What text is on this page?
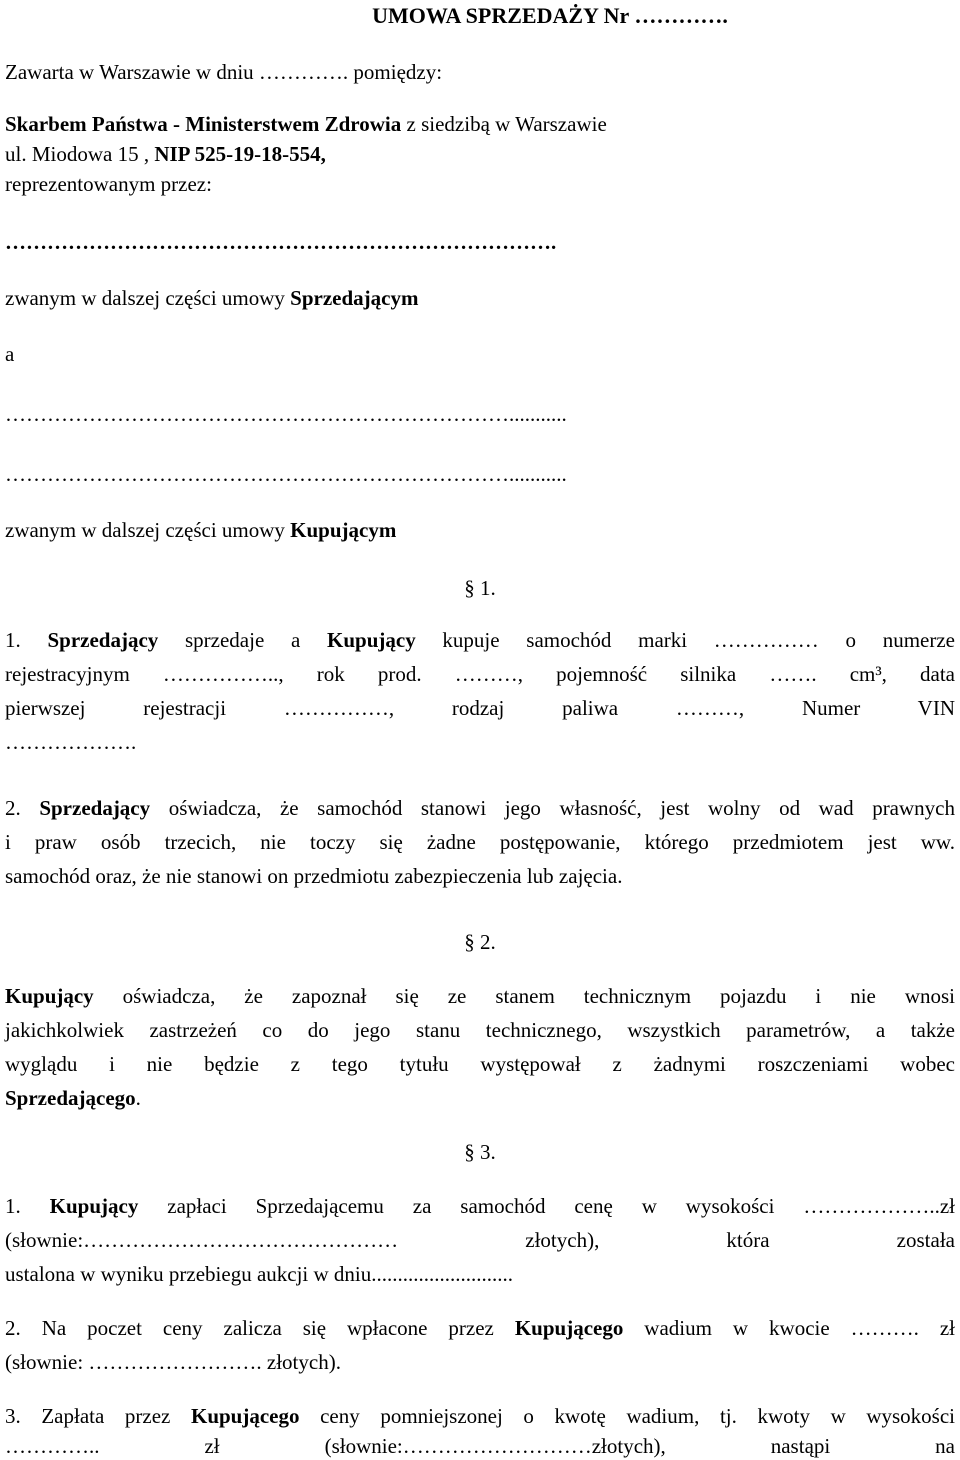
UMOWA SPRZEDAŻY Nr ………….
Zawarta w Warszawie w dniu …………. pomiędzy:
Skarbem Państwa - Ministerstwem Zdrowia z siedzibą w Warszawie
ul. Miodowa 15 , NIP 525-19-18-554,
reprezentowanym przez:
…………………………………………………………………….
zwanym w dalszej części umowy Sprzedającym
a
………………………………………………………………...........
………………………………………………………………...........
zwanym w dalszej części umowy Kupującym
§ 1.
1. Sprzedający sprzedaje a Kupujący kupuje samochód marki …………… o numerze
rejestracyjnym …………….., rok prod. ………, pojemność silnika ……. cm³, data
pierwszej rejestracji ……………, rodzaj paliwa ………, Numer VIN
……………….
2. Sprzedający oświadcza, że samochód stanowi jego własność, jest wolny od wad prawnych
i praw osób trzecich, nie toczy się żadne postępowanie, którego przedmiotem jest ww.
samochód oraz, że nie stanowi on przedmiotu zabezpieczenia lub zajęcia.
§ 2.
Kupujący oświadcza, że zapoznał się ze stanem technicznym pojazdu i nie wnosi
jakichkolwiek zastrzeżeń co do jego stanu technicznego, wszystkich parametrów, a także
wyglądu i nie będzie z tego tytułu występował z żadnymi roszczeniami wobec
Sprzedającego.
§ 3.
1. Kupujący zapłaci Sprzedającemu za samochód cenę w wysokości ………………..zł
(słownie:……………………………………… złotych), która została
ustalona w wyniku przebiegu aukcji w dniu...........................
2. Na poczet ceny zalicza się wpłacone przez Kupującego wadium w kwocie ………. zł
(słownie: ……………………. złotych).
3. Zapłata przez Kupującego ceny pomniejszonej o kwotę wadium, tj. kwoty w wysokości
………….. zł (słownie:………………………złotych), nastąpi na
